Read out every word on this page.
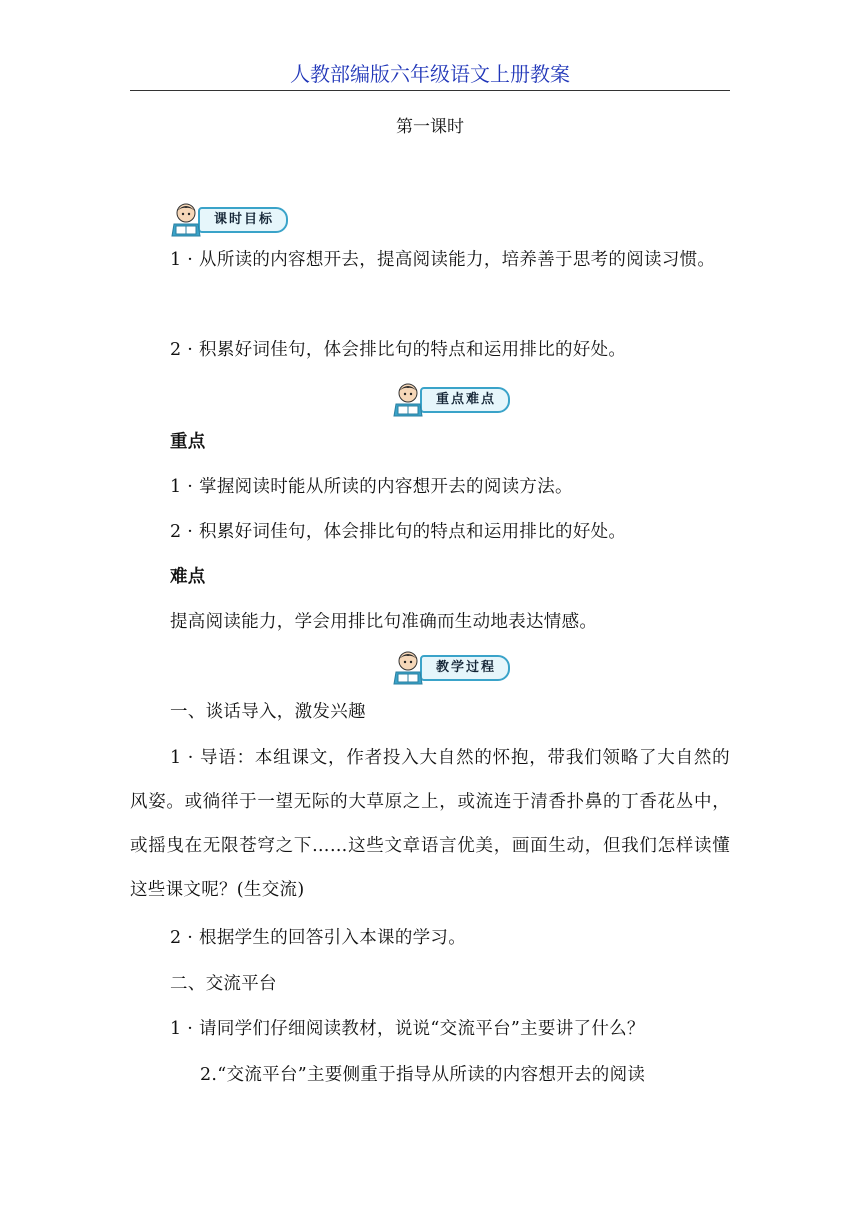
人教部编版六年级语文上册教案
第一课时
课时目标
1 · 从所读的内容想开去，提高阅读能力，培养善于思考的阅读习惯。
2 · 积累好词佳句，体会排比句的特点和运用排比的好处。
重点难点
重点
1 · 掌握阅读时能从所读的内容想开去的阅读方法。
2 · 积累好词佳句，体会排比句的特点和运用排比的好处。
难点
提高阅读能力，学会用排比句准确而生动地表达情感。
教学过程
一、谈话导入，激发兴趣
1 · 导语：本组课文，作者投入大自然的怀抱，带我们领略了大自然的风姿。或徜徉于一望无际的大草原之上，或流连于清香扑鼻的丁香花丛中，或摇曳在无限苍穹之下……这些文章语言优美，画面生动，但我们怎样读懂这些课文呢？(生交流)
2 · 根据学生的回答引入本课的学习。
二、交流平台
1 · 请同学们仔细阅读教材，说说“交流平台”主要讲了什么？
2.“交流平台”主要侧重于指导从所读的内容想开去的阅读
